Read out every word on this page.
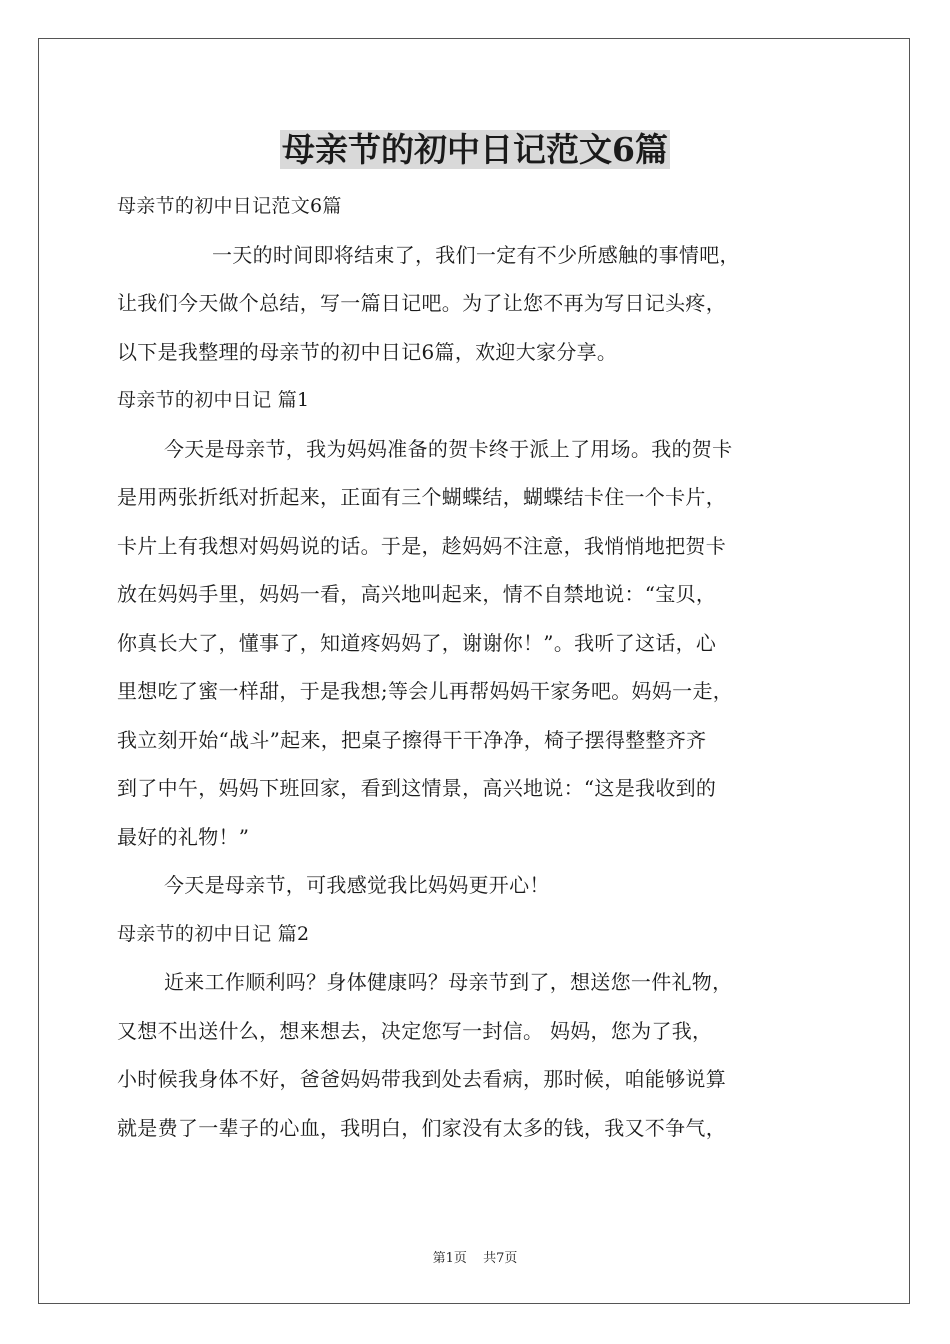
母亲节的初中日记范文6篇
母亲节的初中日记范文6篇
一天的时间即将结束了，我们一定有不少所感触的事情吧，
让我们今天做个总结，写一篇日记吧。为了让您不再为写日记头疼，
以下是我整理的母亲节的初中日记6篇，欢迎大家分享。
母亲节的初中日记 篇1
今天是母亲节，我为妈妈准备的贺卡终于派上了用场。我的贺卡
是用两张折纸对折起来，正面有三个蝴蝶结，蝴蝶结卡住一个卡片，
卡片上有我想对妈妈说的话。于是，趁妈妈不注意，我悄悄地把贺卡
放在妈妈手里，妈妈一看，高兴地叫起来，情不自禁地说：“宝贝，
你真长大了，懂事了，知道疼妈妈了，谢谢你！”。我听了这话，心
里想吃了蜜一样甜，于是我想;等会儿再帮妈妈干家务吧。妈妈一走，
我立刻开始“战斗”起来，把桌子擦得干干净净，椅子摆得整整齐齐
到了中午，妈妈下班回家，看到这情景，高兴地说：“这是我收到的
最好的礼物！”
今天是母亲节，可我感觉我比妈妈更开心！
母亲节的初中日记 篇2
近来工作顺利吗？身体健康吗？母亲节到了，想送您一件礼物，
又想不出送什么，想来想去，决定您写一封信。 妈妈，您为了我，
小时候我身体不好，爸爸妈妈带我到处去看病，那时候，咱能够说算
就是费了一辈子的心血，我明白，们家没有太多的钱，我又不争气，
第1页 共7页
